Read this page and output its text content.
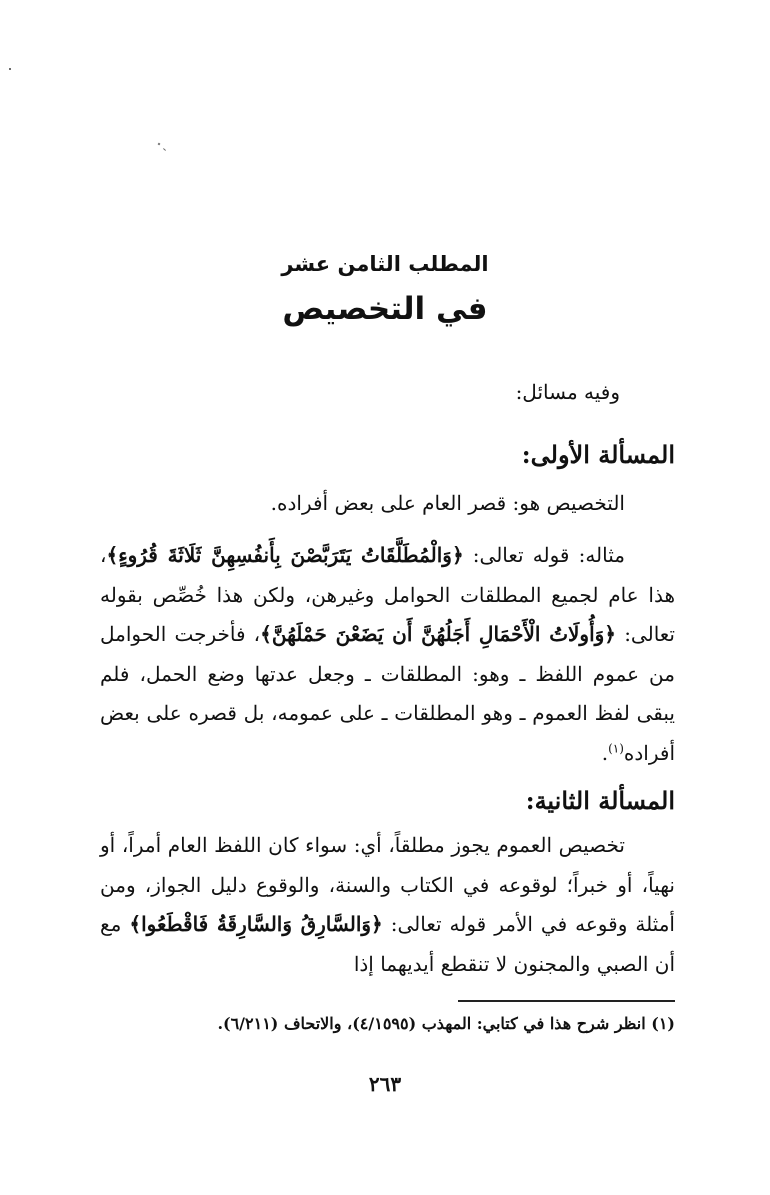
المطلب الثامن عشر
في التخصيص
وفيه مسائل:
المسألة الأولى:
التخصيص هو: قصر العام على بعض أفراده.
مثاله: قوله تعالى: ﴿وَالْمُطَلَّقَاتُ يَتَرَبَّصْنَ بِأَنفُسِهِنَّ ثَلَاثَةَ قُرُوءٍ﴾، هذا عام لجميع المطلقات الحوامل وغيرهن، ولكن هذا خُصِّص بقوله تعالى: ﴿وَأُولَاتُ الْأَحْمَالِ أَجَلُهُنَّ أَن يَضَعْنَ حَمْلَهُنَّ﴾، فأخرجت الحوامل من عموم اللفظ ـ وهو: المطلقات ـ وجعل عدتها وضع الحمل، فلم يبقى لفظ العموم ـ وهو المطلقات ـ على عمومه، بل قصره على بعض أفراده$^{(١)}$.
المسألة الثانية:
تخصيص العموم يجوز مطلقاً، أي: سواء كان اللفظ العام أمراً، أو نهياً، أو خبراً؛ لوقوعه في الكتاب والسنة، والوقوع دليل الجواز، ومن أمثلة وقوعه في الأمر قوله تعالى: ﴿وَالسَّارِقُ وَالسَّارِقَةُ فَاقْطَعُوا﴾ مع أن الصبي والمجنون لا تنقطع أيديهما إذا
(١) انظر شرح هذا في كتابي: المهذب (٤/١٥٩٥)، والاتحاف (٦/٢١١).
٢٦٣
